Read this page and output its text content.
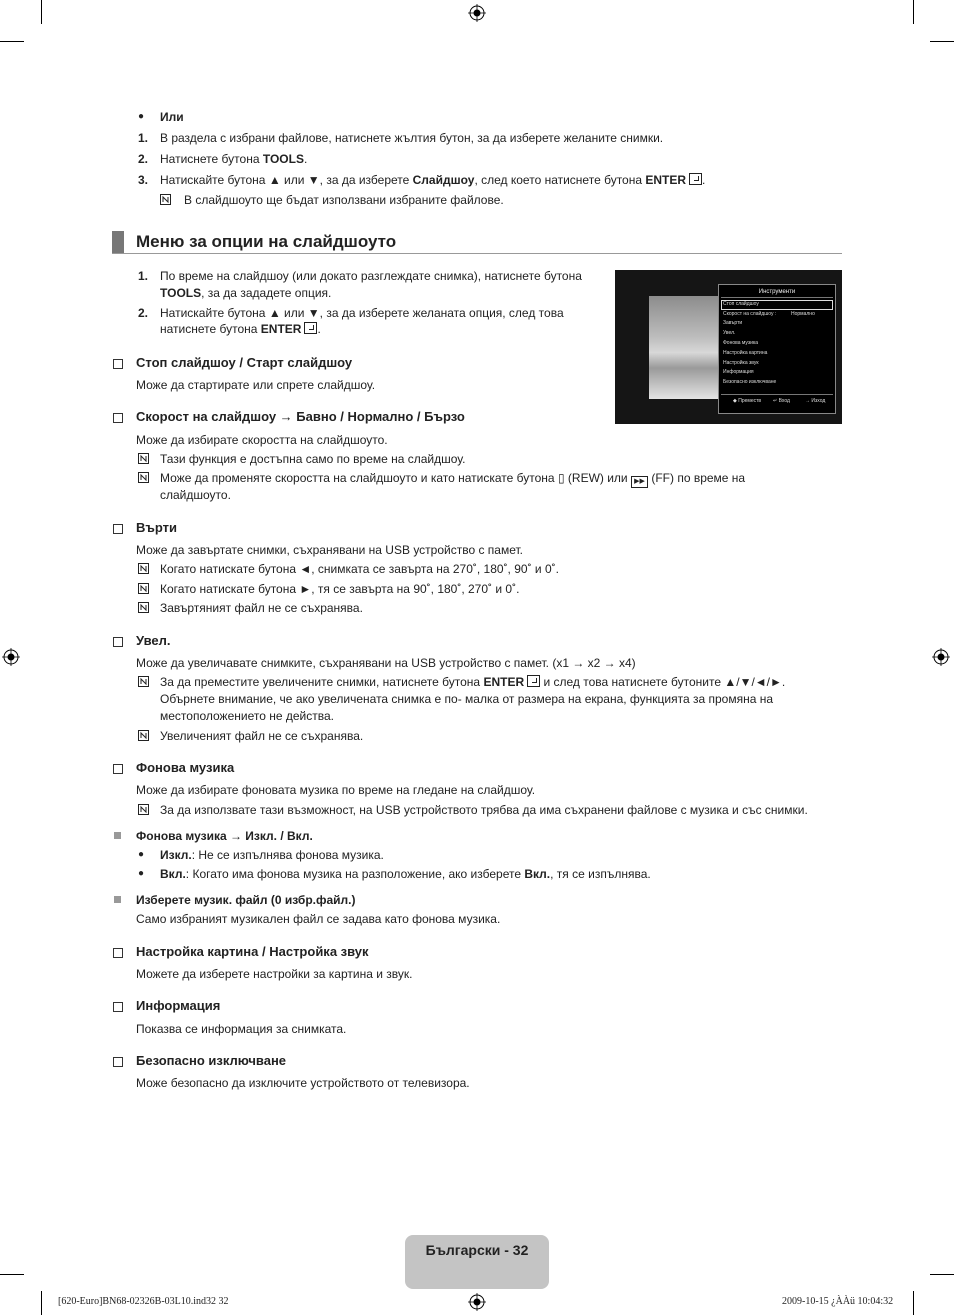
● Или
1. В раздела с избрани файлове, натиснете жълтия бутон, за да изберете желаните снимки.
2. Натиснете бутона TOOLS.
3. Натискайте бутона ▲ или ▼, за да изберете Слайдшоу, след което натиснете бутона ENTER .
В слайдшоуто ще бъдат използвани избраните файлове.
Меню за опции на слайдшоуто
1. По време на слайдшоу (или докато разглеждате снимка), натиснете бутона
TOOLS, за да зададете опция.
2. Натискайте бутона ▲ или ▼, за да изберете желаната опция, след това
натиснете бутона ENTER .
Инструменти
Стоп слайдшоу
Скорост на слайдшоу :	Нормално
Завърти
Увел.
Фонова музика
Настройка картина
Настройка звук
Информация
Безопасно изключване
◆ Преместв ↵ Вход	→ Изход
Стоп слайдшоу / Старт слайдшоу
Може да стартирате или спрете слайдшоу.
Скорост на слайдшоу → Бавно / Нормално / Бързо
Може да избирате скоростта на слайдшоуто.
Тази функция е достъпна само по време на слайдшоу.
Може да променяте скоростта на слайдшоуто и като натискате бутона ▯ (REW) или ▶▶ (FF) по време на
слайдшоуто.
Върти
Може да завъртате снимки, съхранявани на USB устройство с памет.
Когато натискате бутона ◄, снимката се завърта на 270˚, 180˚, 90˚ и 0˚.
Когато натискате бутона ►, тя се завърта на 90˚, 180˚, 270˚ и 0˚.
Завъртяният файл не се съхранява.
Увел.
Може да увеличавате снимките, съхранявани на USB устройство с памет. (x1 → x2 → x4)
За да преместите увеличените снимки, натиснете бутона ENTER и след това натиснете бутоните ▲/▼/◄/►.
Обърнете внимание, че ако увеличената снимка е по- малка от размера на екрана, функцията за промяна на
местоположението не действа.
Увеличеният файл не се съхранява.
Фонова музика
Може да избирате фоновата музика по време на гледане на слайдшоу.
За да използвате тази възможност, на USB устройството трябва да има съхранени файлове с музика и със снимки.
Фонова музика → Изкл. / Вкл.
● Изкл.: Не се изпълнява фонова музика.
● Вкл.: Когато има фонова музика на разположение, ако изберете Вкл., тя се изпълнява.
Изберете музик. файл (0 избр.файл.)
Само избраният музикален файл се задава като фонова музика.
Настройка картина / Настройка звук
Можете да изберете настройки за картина и звук.
Информация
Показва се информация за снимката.
Безопасно изключване
Може безопасно да изключите устройството от телевизора.
Български - 32
[620-Eurо]BN68-02326B-03L10.ind32 32	2009-10-15 ¿ÀÀü 10:04:32
